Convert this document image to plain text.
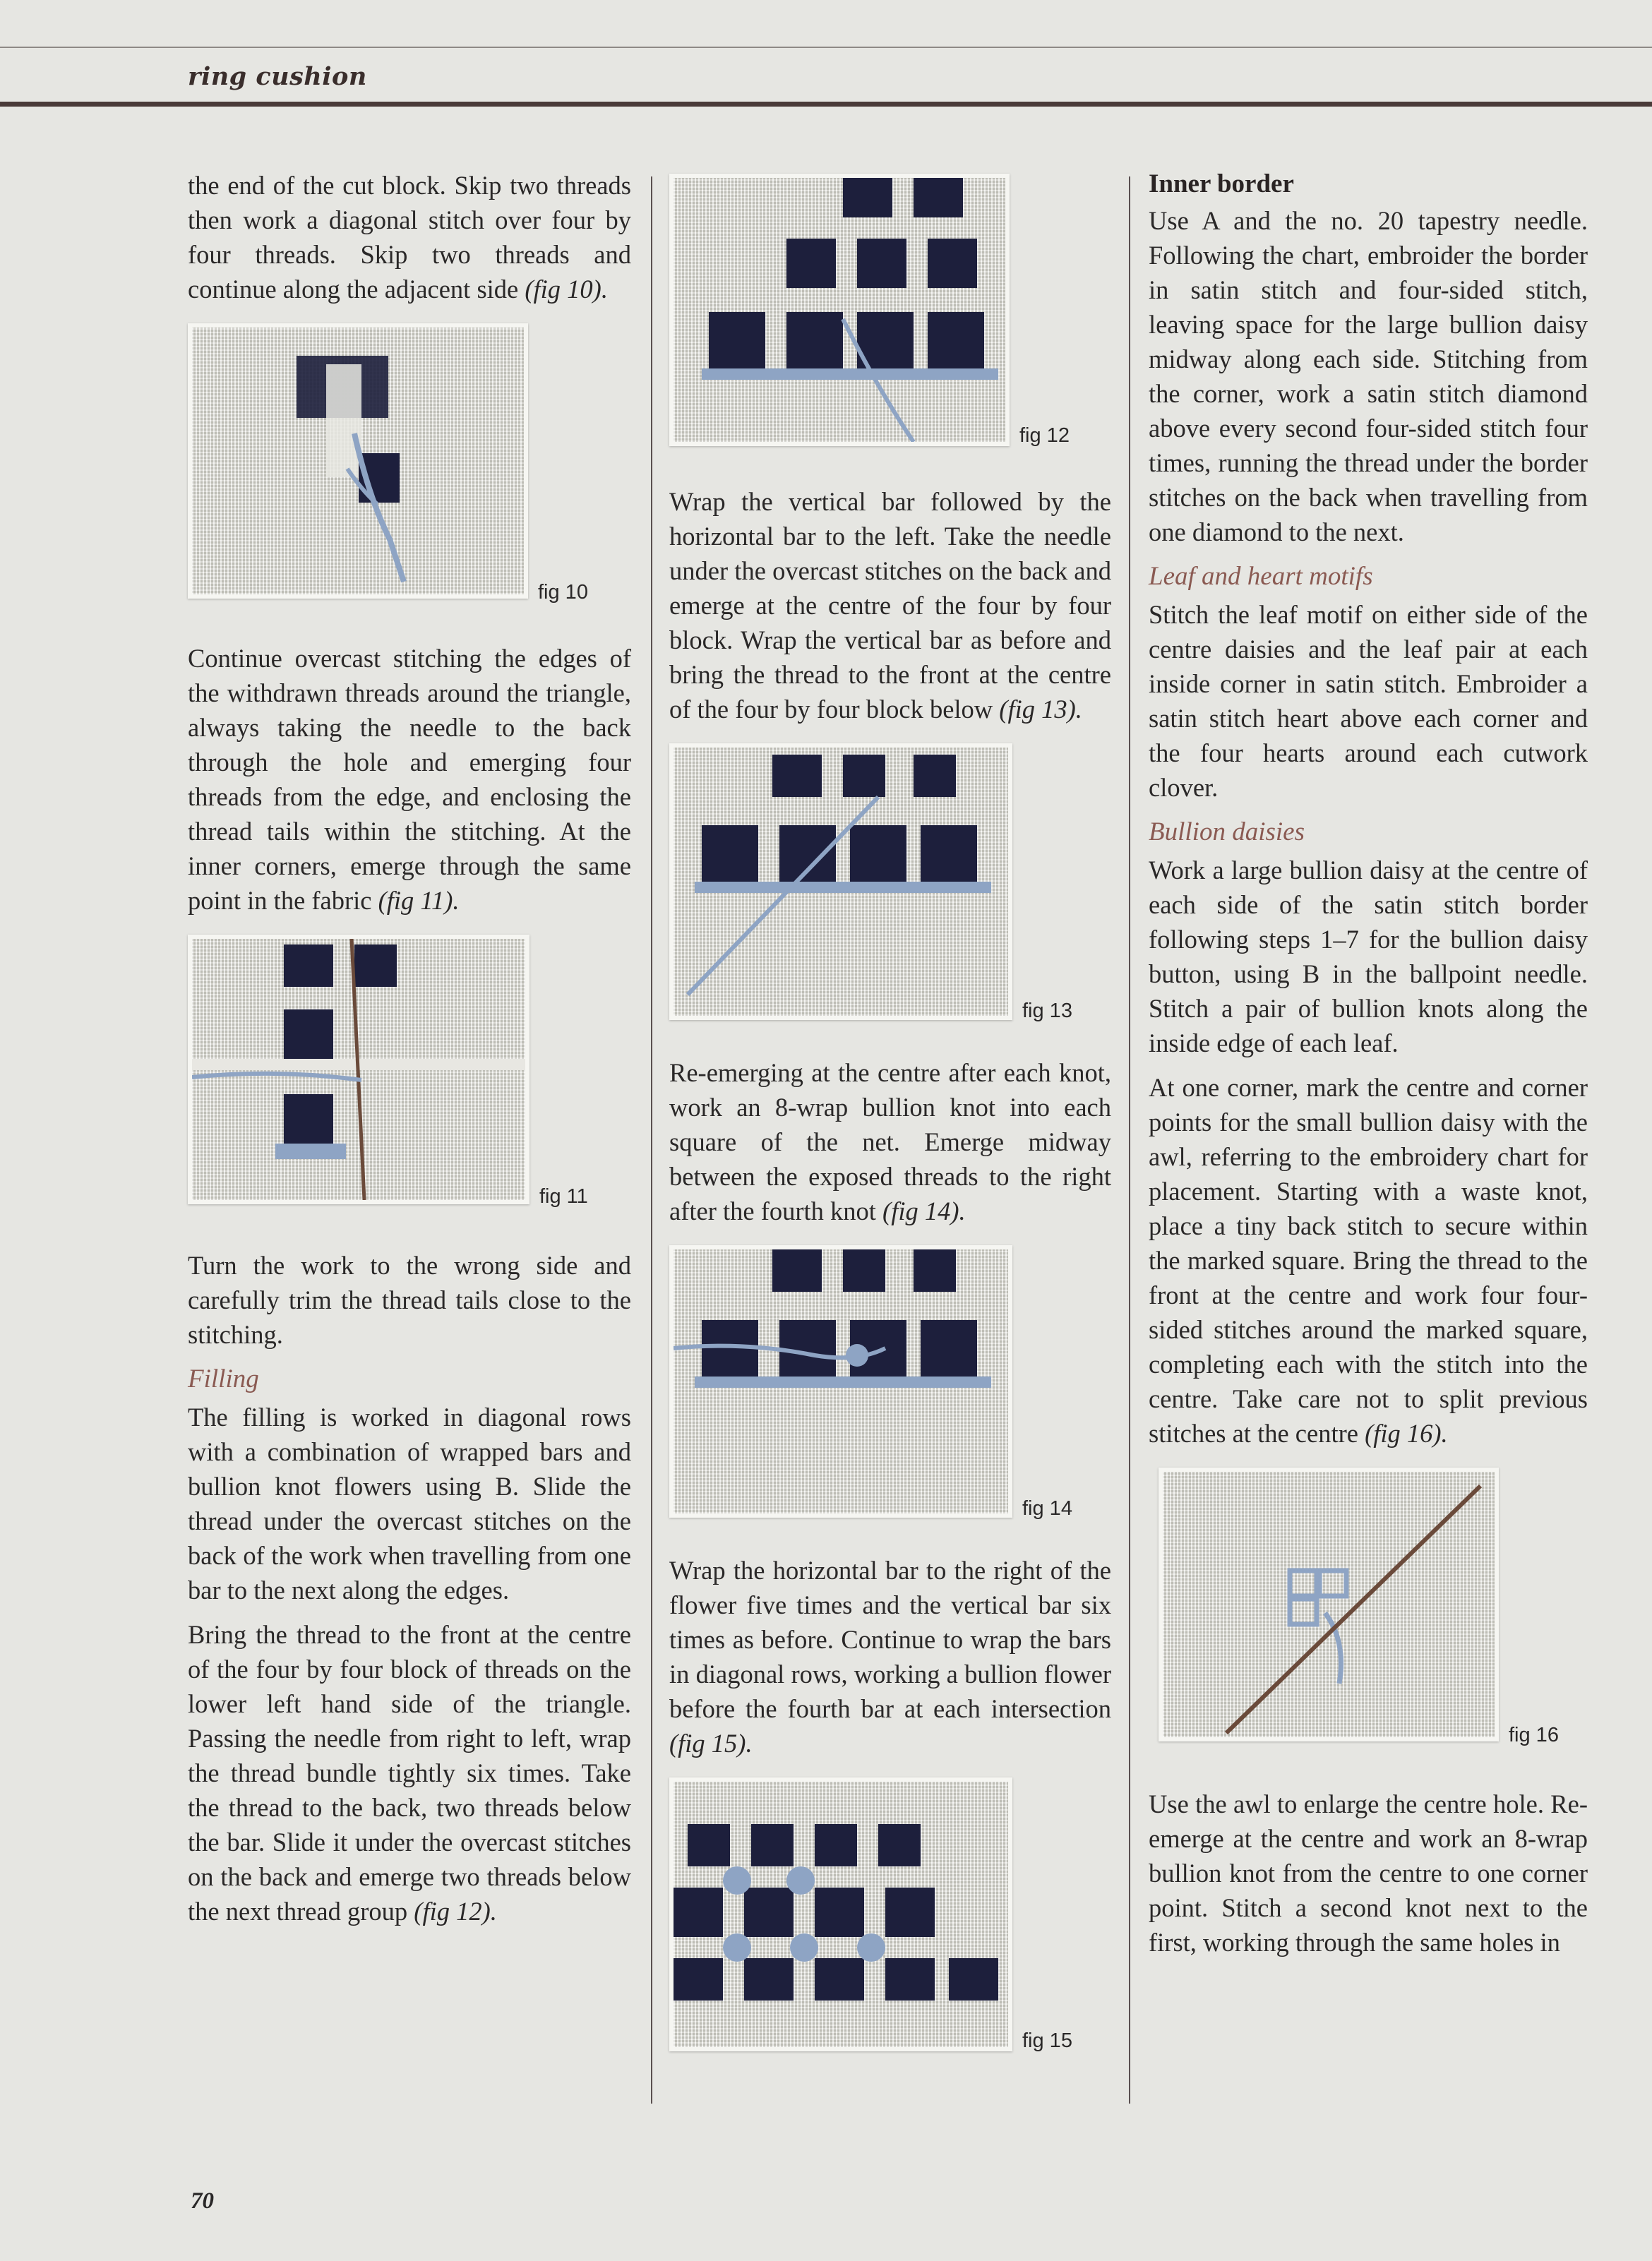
ring cushion

the end of the cut block. Skip two threads then work a diagonal stitch over four by four threads. Skip two threads and continue along the adjacent side (fig 10).

fig 10

Continue overcast stitching the edges of the withdrawn threads around the triangle, always taking the needle to the back through the hole and emerging four threads from the edge, and enclosing the thread tails within the stitching. At the inner corners, emerge through the same point in the fabric (fig 11).

fig 11

Turn the work to the wrong side and carefully trim the thread tails close to the stitching.

Filling

The filling is worked in diagonal rows with a combination of wrapped bars and bullion knot flowers using B. Slide the thread under the overcast stitches on the back of the work when travelling from one bar to the next along the edges.

Bring the thread to the front at the centre of the four by four block of threads on the lower left hand side of the triangle. Passing the needle from right to left, wrap the thread bundle tightly six times. Take the thread to the back, two threads below the bar. Slide it under the overcast stitches on the back and emerge two threads below the next thread group (fig 12).

fig 12

Wrap the vertical bar followed by the horizontal bar to the left. Take the needle under the overcast stitches on the back and emerge at the centre of the four by four block. Wrap the vertical bar as before and bring the thread to the front at the centre of the four by four block below (fig 13).

fig 13

Re-emerging at the centre after each knot, work an 8-wrap bullion knot into each square of the net. Emerge midway between the exposed threads to the right after the fourth knot (fig 14).

fig 14

Wrap the horizontal bar to the right of the flower five times and the vertical bar six times as before. Continue to wrap the bars in diagonal rows, working a bullion flower before the fourth bar at each intersection (fig 15).

fig 15
Inner border

Use A and the no. 20 tapestry needle. Following the chart, embroider the border in satin stitch and four-sided stitch, leaving space for the large bullion daisy midway along each side. Stitching from the corner, work a satin stitch diamond above every second four-sided stitch four times, running the thread under the border stitches on the back when travelling from one diamond to the next.

Leaf and heart motifs

Stitch the leaf motif on either side of the centre daisies and the leaf pair at each inside corner in satin stitch. Embroider a satin stitch heart above each corner and the four hearts around each cutwork clover.

Bullion daisies

Work a large bullion daisy at the centre of each side of the satin stitch border following steps 1–7 for the bullion daisy button, using B in the ballpoint needle. Stitch a pair of bullion knots along the inside edge of each leaf.

At one corner, mark the centre and corner points for the small bullion daisy with the awl, referring to the embroidery chart for placement. Starting with a waste knot, place a tiny back stitch to secure within the marked square. Bring the thread to the front at the centre and work four four-sided stitches around the marked square, completing each with the stitch into the centre. Take care not to split previous stitches at the centre (fig 16).

fig 16

Use the awl to enlarge the centre hole. Re-emerge at the centre and work an 8-wrap bullion knot from the centre to one corner point. Stitch a second knot next to the first, working through the same holes in

70
